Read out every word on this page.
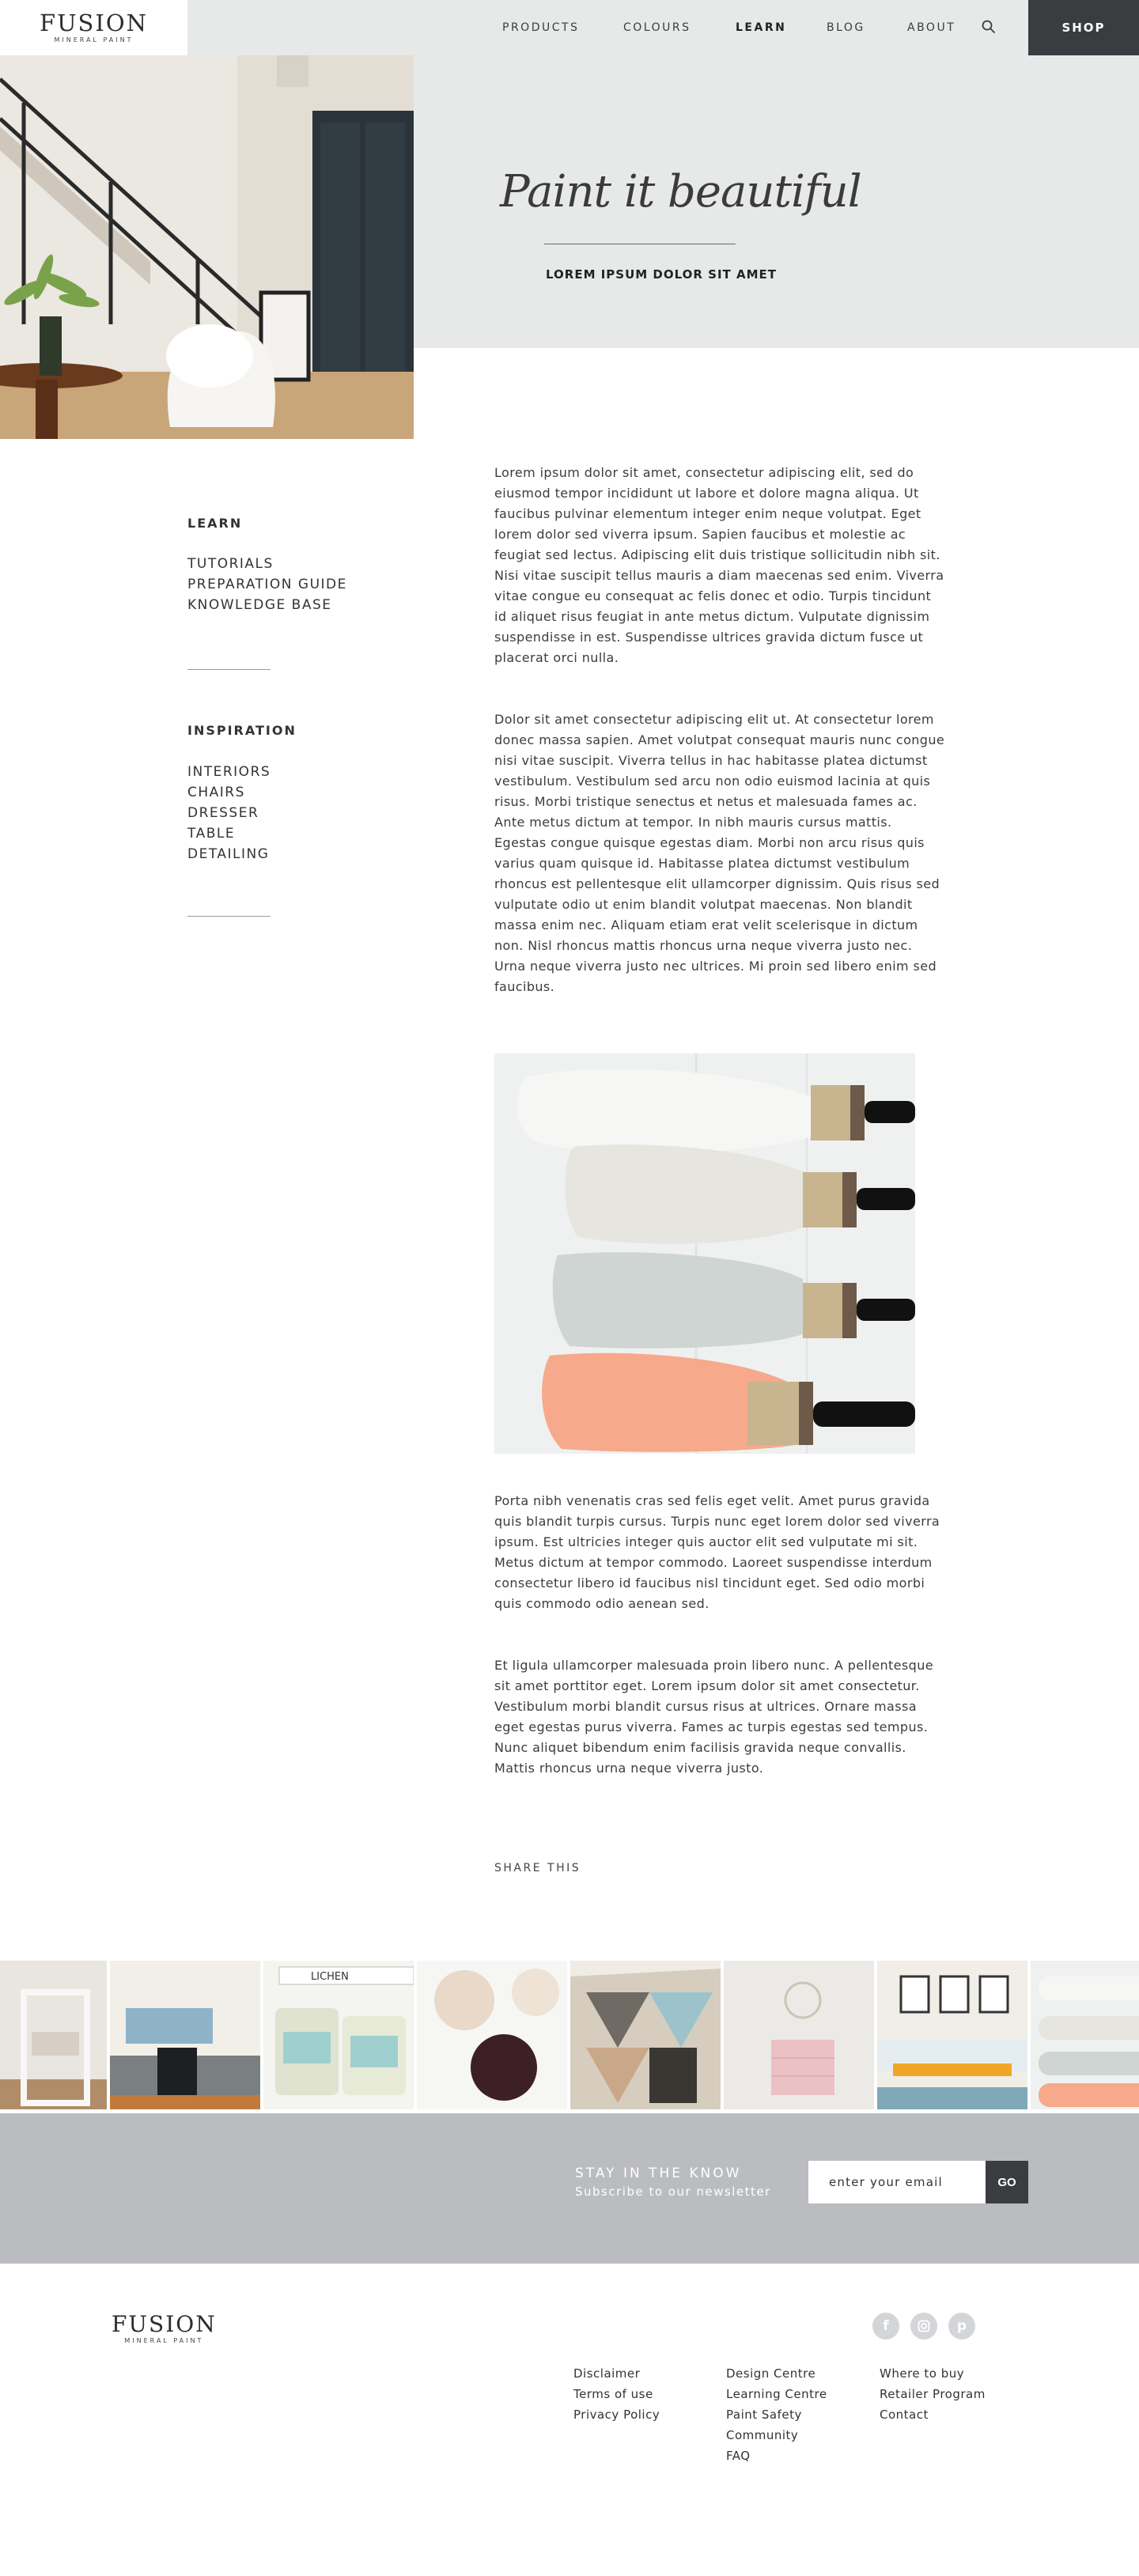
FUSION
MINERAL PAINT
PRODUCTS	COLOURS	LEARN	BLOG	ABOUT	SHOP
Paint it beautiful
LOREM IPSUM DOLOR SIT AMET
LEARN
TUTORIALS
PREPARATION GUIDE
KNOWLEDGE BASE
INSPIRATION
INTERIORS
CHAIRS
DRESSER
TABLE
DETAILING

Lorem ipsum dolor sit amet, consectetur adipiscing elit, sed do eiusmod tempor incididunt ut labore et dolore magna aliqua. Ut faucibus pulvinar elementum integer enim neque volutpat. Eget lorem dolor sed viverra ipsum. Sapien faucibus et molestie ac feugiat sed lectus. Adipiscing elit duis tristique sollicitudin nibh sit. Nisi vitae suscipit tellus mauris a diam maecenas sed enim. Viverra vitae congue eu consequat ac felis donec et odio. Turpis tincidunt id aliquet risus feugiat in ante metus dictum. Vulputate dignissim suspendisse in est. Suspendisse ultrices gravida dictum fusce ut placerat orci nulla.

Dolor sit amet consectetur adipiscing elit ut. At consectetur lorem donec massa sapien. Amet volutpat consequat mauris nunc congue nisi vitae suscipit. Viverra tellus in hac habitasse platea dictumst vestibulum. Vestibulum sed arcu non odio euismod lacinia at quis risus. Morbi tristique senectus et netus et malesuada fames ac. Ante metus dictum at tempor. In nibh mauris cursus mattis. Egestas congue quisque egestas diam. Morbi non arcu risus quis varius quam quisque id. Habitasse platea dictumst vestibulum rhoncus est pellentesque elit ullamcorper dignissim. Quis risus sed vulputate odio ut enim blandit volutpat maecenas. Non blandit massa enim nec. Aliquam etiam erat velit scelerisque in dictum non. Nisl rhoncus mattis rhoncus urna neque viverra justo nec. Urna neque viverra justo nec ultrices. Mi proin sed libero enim sed faucibus.

Porta nibh venenatis cras sed felis eget velit. Amet purus gravida quis blandit turpis cursus. Turpis nunc eget lorem dolor sed viverra ipsum. Est ultricies integer quis auctor elit sed vulputate mi sit. Metus dictum at tempor commodo. Laoreet suspendisse interdum consectetur libero id faucibus nisl tincidunt eget. Sed odio morbi quis commodo odio aenean sed.

Et ligula ullamcorper malesuada proin libero nunc. A pellentesque sit amet porttitor eget. Lorem ipsum dolor sit amet consectetur. Vestibulum morbi blandit cursus risus at ultrices. Ornare massa eget egestas purus viverra. Fames ac turpis egestas sed tempus. Nunc aliquet bibendum enim facilisis gravida neque convallis. Mattis rhoncus urna neque viverra justo.

SHARE THIS
LICHEN
STAY IN THE KNOW
Subscribe to our newsletter
enter your email
GO
FUSION
MINERAL PAINT
f	p
Disclaimer
Terms of use
Privacy Policy
Design Centre
Learning Centre
Paint Safety
Community
FAQ
Where to buy
Retailer Program
Contact
